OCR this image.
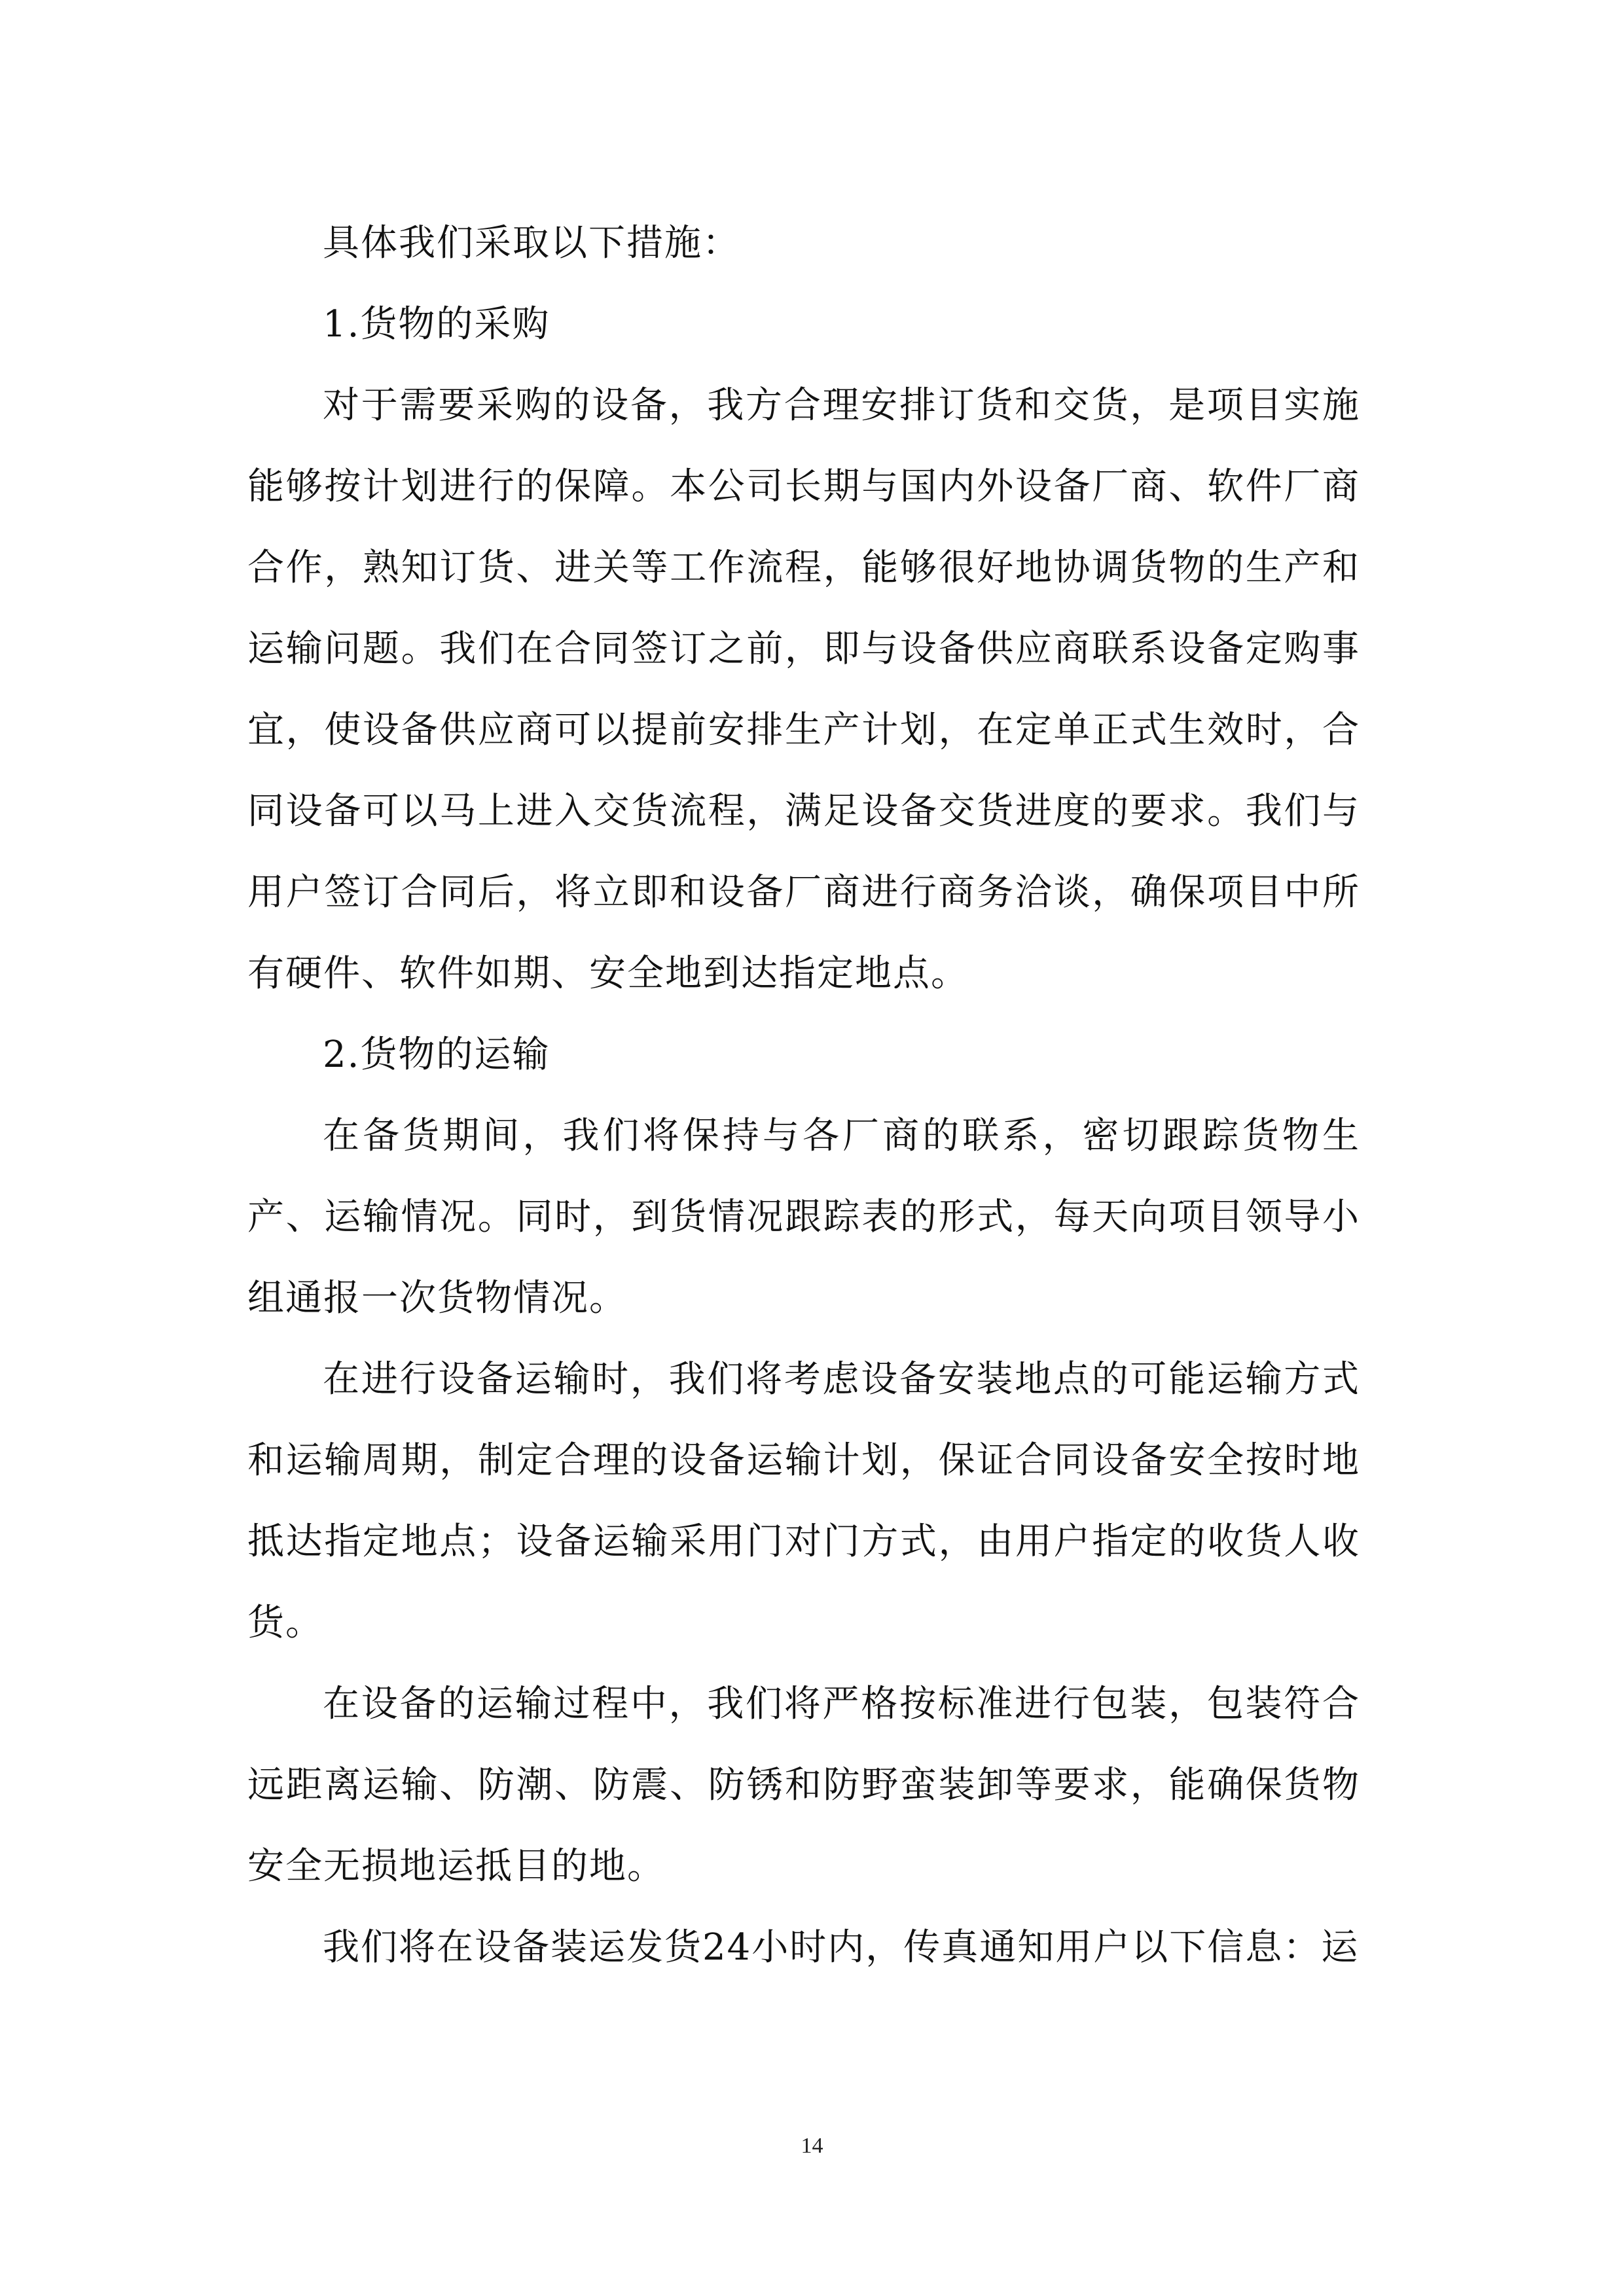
具体我们采取以下措施：

1.货物的采购

对于需要采购的设备，我方合理安排订货和交货，是项目实施能够按计划进行的保障。本公司长期与国内外设备厂商、软件厂商合作，熟知订货、进关等工作流程，能够很好地协调货物的生产和运输问题。我们在合同签订之前，即与设备供应商联系设备定购事宜，使设备供应商可以提前安排生产计划，在定单正式生效时，合同设备可以马上进入交货流程，满足设备交货进度的要求。我们与用户签订合同后，将立即和设备厂商进行商务洽谈，确保项目中所有硬件、软件如期、安全地到达指定地点。

2.货物的运输

在备货期间，我们将保持与各厂商的联系，密切跟踪货物生产、运输情况。同时，到货情况跟踪表的形式，每天向项目领导小组通报一次货物情况。

在进行设备运输时，我们将考虑设备安装地点的可能运输方式和运输周期，制定合理的设备运输计划，保证合同设备安全按时地抵达指定地点；设备运输采用门对门方式，由用户指定的收货人收货。

在设备的运输过程中，我们将严格按标准进行包装，包装符合远距离运输、防潮、防震、防锈和防野蛮装卸等要求，能确保货物安全无损地运抵目的地。

我们将在设备装运发货24小时内，传真通知用户以下信息：运

14
